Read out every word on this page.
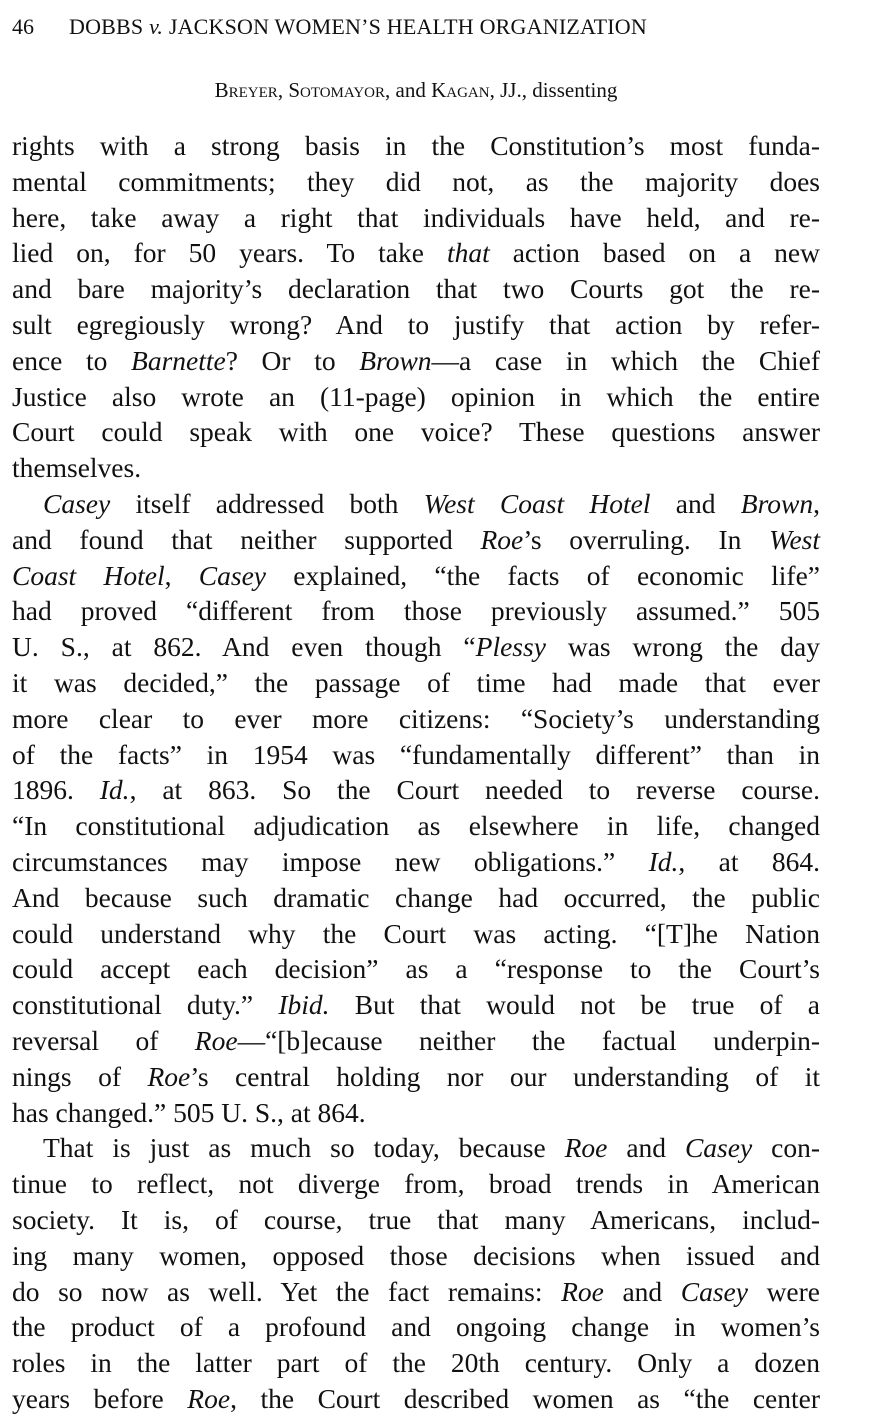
46 DOBBS v. JACKSON WOMEN’S HEALTH ORGANIZATION
Breyer, Sotomayor, and Kagan, JJ., dissenting
rights with a strong basis in the Constitution’s most funda-
mental commitments; they did not, as the majority does
here, take away a right that individuals have held, and re-
lied on, for 50 years. To take that action based on a new
and bare majority’s declaration that two Courts got the re-
sult egregiously wrong? And to justify that action by refer-
ence to Barnette? Or to Brown—a case in which the Chief
Justice also wrote an (11-page) opinion in which the entire
Court could speak with one voice? These questions answer
themselves.
Casey itself addressed both West Coast Hotel and Brown,
and found that neither supported Roe’s overruling. In West
Coast Hotel, Casey explained, “the facts of economic life”
had proved “different from those previously assumed.” 505
U. S., at 862. And even though “Plessy was wrong the day
it was decided,” the passage of time had made that ever
more clear to ever more citizens: “Society’s understanding
of the facts” in 1954 was “fundamentally different” than in
1896. Id., at 863. So the Court needed to reverse course.
“In constitutional adjudication as elsewhere in life, changed
circumstances may impose new obligations.” Id., at 864.
And because such dramatic change had occurred, the public
could understand why the Court was acting. “[T]he Nation
could accept each decision” as a “response to the Court’s
constitutional duty.” Ibid. But that would not be true of a
reversal of Roe—“[b]ecause neither the factual underpin-
nings of Roe’s central holding nor our understanding of it
has changed.” 505 U. S., at 864.
That is just as much so today, because Roe and Casey con-
tinue to reflect, not diverge from, broad trends in American
society. It is, of course, true that many Americans, includ-
ing many women, opposed those decisions when issued and
do so now as well. Yet the fact remains: Roe and Casey were
the product of a profound and ongoing change in women’s
roles in the latter part of the 20th century. Only a dozen
years before Roe, the Court described women as “the center
